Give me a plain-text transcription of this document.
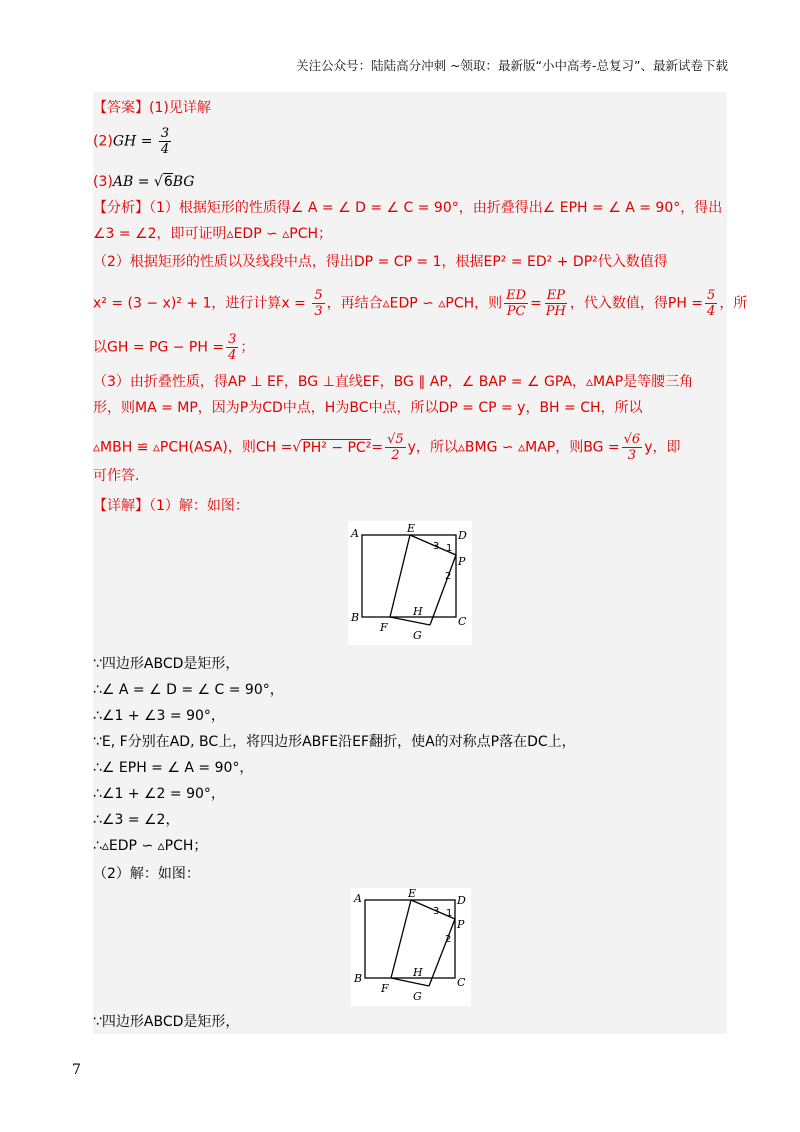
关注公众号：陆陆高分冲刺 ~领取：最新版“小中高考-总复习”、最新试卷下载
【答案】(1)见详解
$(2)GH = \frac{3}{4}$
(3)AB = √6BG
【分析】（1）根据矩形的性质得∠ A = ∠ D = ∠ C = 90°，由折叠得出∠ EPH = ∠ A = 90°，得出
∠3 = ∠2，即可证明▵EDP ∽ ▵PCH；
（2）根据矩形的性质以及线段中点，得出DP = CP = 1，根据EP² = ED² + DP²代入数值得
x² = (3 − x)² + 1，进行计算$x = \frac{5}{3}$ ，再结合▵EDP ∽ ▵PCH，则 $\frac{ED}{PC} = \frac{EP}{PH}$ ，代入数值，得PH = $\frac{5}{4}$ ，所
以GH = PG − PH = $\frac{3}{4}$ ；
（3）由折叠性质，得AP ⊥ EF，BG ⊥直线EF，BG ∥ AP，∠ BAP = ∠ GPA，▵MAP是等腰三角
形，则MA = MP，因为P为CD中点，H为BC中点，所以DP = CP = y，BH = CH，所以
▵MBH ≌ ▵PCH(ASA)，则CH $=√PH^2 - PC^2= \frac{√5}{2}$ y，所以▵BMG ∽ ▵MAP，则BG = $\frac{√6}{3}$ y，即
可作答.
【详解】（1）解：如图：
A	E
D
P
B	C
F
H
G
3 1
2
∵四边形ABCD是矩形，
∴∠ A = ∠ D = ∠ C = 90°，
∴∠1 + ∠3 = 90°，
∵E, F分别在AD, BC上，将四边形ABFE沿EF翻折，使A的对称点P落在DC上，
∴∠ EPH = ∠ A = 90°，
∴∠1 + ∠2 = 90°，
∴∠3 = ∠2，
∴▵EDP ∽ ▵PCH；
（2）解：如图：
A	E
D
P
B	C
F
H
G
3 1
2
∵四边形ABCD是矩形，
7
